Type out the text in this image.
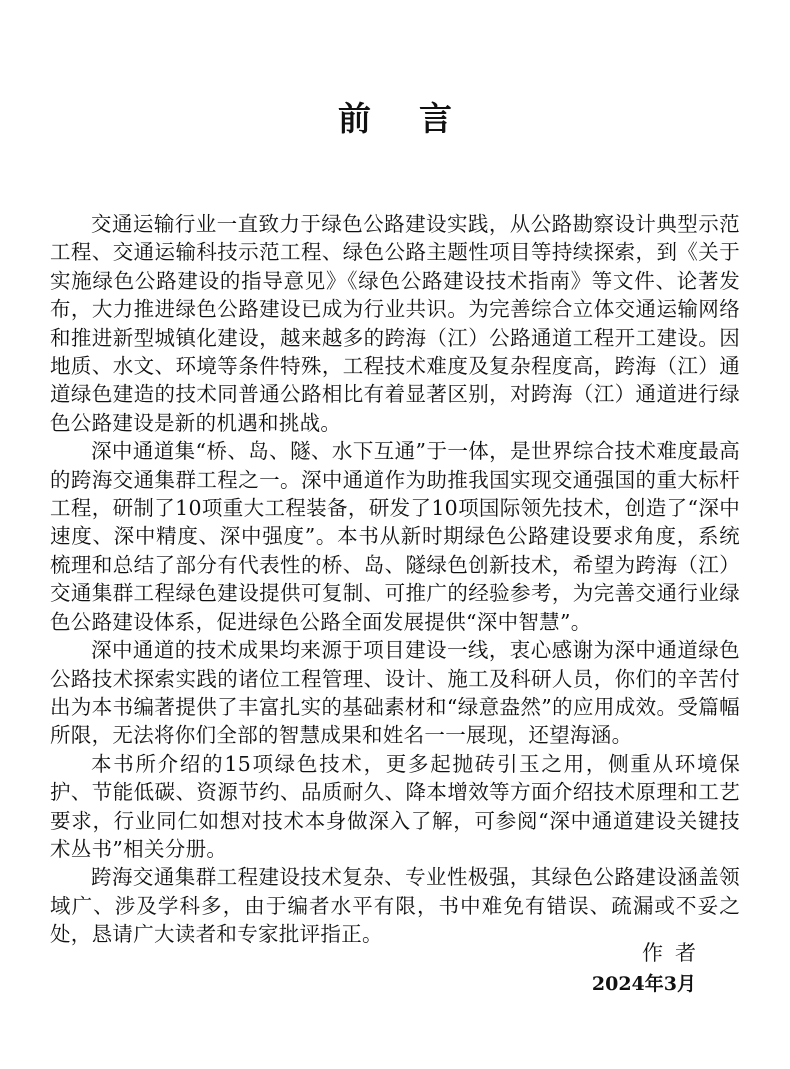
前言

交通运输行业一直致力于绿色公路建设实践，从公路勘察设计典型示范工程、交通运输科技示范工程、绿色公路主题性项目等持续探索，到《关于实施绿色公路建设的指导意见》《绿色公路建设技术指南》等文件、论著发布，大力推进绿色公路建设已成为行业共识。为完善综合立体交通运输网络和推进新型城镇化建设，越来越多的跨海（江）公路通道工程开工建设。因地质、水文、环境等条件特殊，工程技术难度及复杂程度高，跨海（江）通道绿色建造的技术同普通公路相比有着显著区别，对跨海（江）通道进行绿色公路建设是新的机遇和挑战。

深中通道集“桥、岛、隧、水下互通”于一体，是世界综合技术难度最高的跨海交通集群工程之一。深中通道作为助推我国实现交通强国的重大标杆工程，研制了10项重大工程装备，研发了10项国际领先技术，创造了“深中速度、深中精度、深中强度”。本书从新时期绿色公路建设要求角度，系统梳理和总结了部分有代表性的桥、岛、隧绿色创新技术，希望为跨海（江）交通集群工程绿色建设提供可复制、可推广的经验参考，为完善交通行业绿色公路建设体系，促进绿色公路全面发展提供“深中智慧”。

深中通道的技术成果均来源于项目建设一线，衷心感谢为深中通道绿色公路技术探索实践的诸位工程管理、设计、施工及科研人员，你们的辛苦付出为本书编著提供了丰富扎实的基础素材和“绿意盎然”的应用成效。受篇幅所限，无法将你们全部的智慧成果和姓名一一展现，还望海涵。

本书所介绍的15项绿色技术，更多起抛砖引玉之用，侧重从环境保护、节能低碳、资源节约、品质耐久、降本增效等方面介绍技术原理和工艺要求，行业同仁如想对技术本身做深入了解，可参阅“深中通道建设关键技术丛书”相关分册。

跨海交通集群工程建设技术复杂、专业性极强，其绿色公路建设涵盖领域广、涉及学科多，由于编者水平有限，书中难免有错误、疏漏或不妥之处，恳请广大读者和专家批评指正。

作者
2024年3月
